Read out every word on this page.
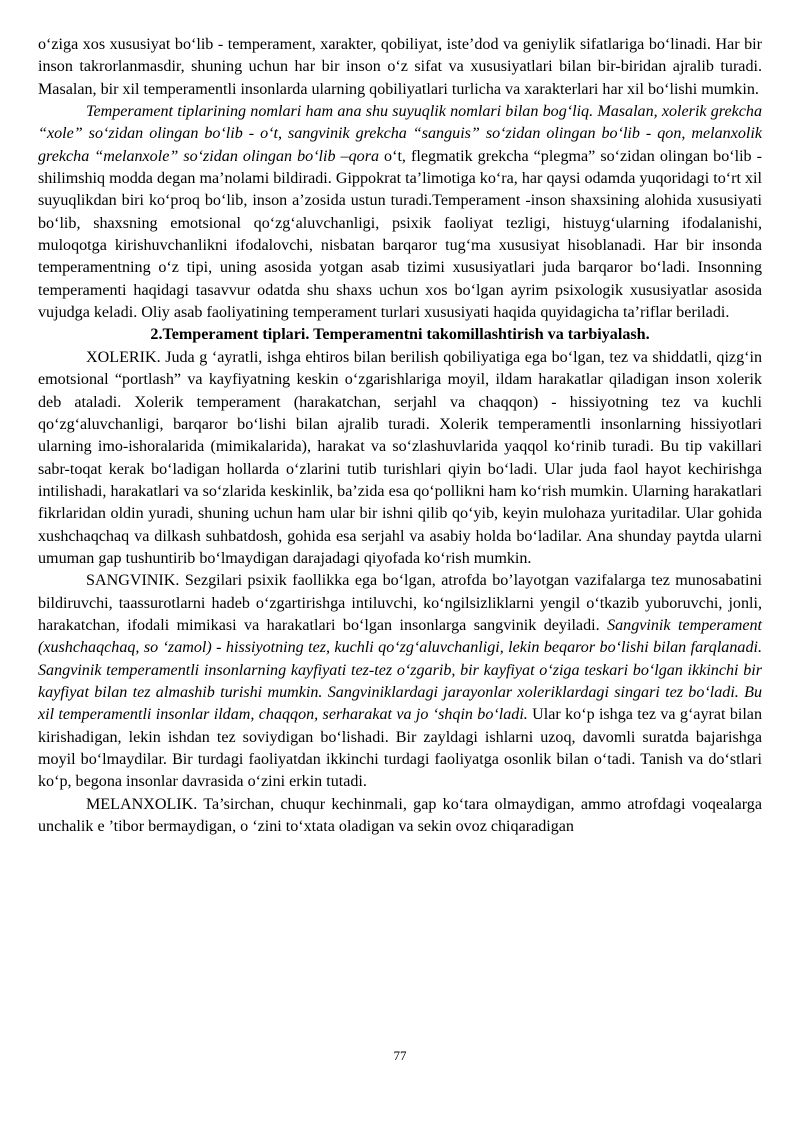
o‘ziga xos xususiyat bo‘lib - temperament, xarakter, qobiliyat, iste’dod va geniylik sifatlariga bo‘linadi. Har bir inson takrorlanmasdir, shuning uchun har bir inson o‘z sifat va xususiyatlari bilan bir-biridan ajralib turadi. Masalan, bir xil temperamentli insonlarda ularning qobiliyatlari turlicha va xarakterlari har xil bo‘lishi mumkin.

Temperament tiplarining nomlari ham ana shu suyuqlik nomlari bilan bog‘liq. Masalan, xolerik grekcha “xole” so‘zidan olingan bo‘lib - o‘t, sangvinik grekcha “sanguis” so‘zidan olingan bo‘lib - qon, melanxolik grekcha “melanxole” so‘zidan olingan bo‘lib –qora o‘t, flegmatik grekcha “plegma” so‘zidan olingan bo‘lib - shilimshiq modda degan ma’nolami bildiradi. Gippokrat ta’limotiga ko‘ra, har qaysi odamda yuqoridagi to‘rt xil suyuqlikdan biri ko‘proq bo‘lib, inson a’zosida ustun turadi.Temperament -inson shaxsining alohida xususiyati bo‘lib, shaxsning emotsional qo‘zg‘aluvchanligi, psixik faoliyat tezligi, histuyg‘ularning ifodalanishi, muloqotga kirishuvchanlikni ifodalovchi, nisbatan barqaror tug‘ma xususiyat hisoblanadi. Har bir insonda temperamentning o‘z tipi, uning asosida yotgan asab tizimi xususiyatlari juda barqaror bo‘ladi. Insonning temperamenti haqidagi tasavvur odatda shu shaxs uchun xos bo‘lgan ayrim psixologik xususiyatlar asosida vujudga keladi. Oliy asab faoliyatining temperament turlari xususiyati haqida quyidagicha ta’riflar beriladi.

2.Temperament tiplari. Temperamentni takomillashtirish va tarbiyalash.

XOLERIK. Juda g ‘ayratli, ishga ehtiros bilan berilish qobiliyatiga ega bo‘lgan, tez va shiddatli, qizg‘in emotsional “portlash” va kayfiyatning keskin o‘zgarishlariga moyil, ildam harakatlar qiladigan inson xolerik deb ataladi. Xolerik temperament (harakatchan, serjahl va chaqqon) - hissiyotning tez va kuchli qo‘zg‘aluvchanligi, barqaror bo‘lishi bilan ajralib turadi. Xolerik temperamentli insonlarning hissiyotlari ularning imo-ishoralarida (mimikalarida), harakat va so‘zlashuvlarida yaqqol ko‘rinib turadi. Bu tip vakillari sabr-toqat kerak bo‘ladigan hollarda o‘zlarini tutib turishlari qiyin bo‘ladi. Ular juda faol hayot kechirishga intilishadi, harakatlari va so‘zlarida keskinlik, ba’zida esa qo‘pollikni ham ko‘rish mumkin. Ularning harakatlari fikrlaridan oldin yuradi, shuning uchun ham ular bir ishni qilib qo‘yib, keyin mulohaza yuritadilar. Ular gohida xushchaqchaq va dilkash suhbatdosh, gohida esa serjahl va asabiy holda bo‘ladilar. Ana shunday paytda ularni umuman gap tushuntirib bo‘lmaydigan darajadagi qiyofada ko‘rish mumkin.

SANGVINIK. Sezgilari psixik faollikka ega bo‘lgan, atrofda bo’layotgan vazifalarga tez munosabatini bildiruvchi, taassurotlarni hadeb o‘zgartirishga intiluvchi, ko‘ngilsizliklarni yengil o‘tkazib yuboruvchi, jonli, harakatchan, ifodali mimikasi va harakatlari bo‘lgan insonlarga sangvinik deyiladi. Sangvinik temperament (xushchaqchaq, so ‘zamol) - hissiyotning tez, kuchli qo‘zg‘aluvchanligi, lekin beqaror bo‘lishi bilan farqlanadi. Sangvinik temperamentli insonlarning kayfiyati tez-tez o‘zgarib, bir kayfiyat o‘ziga teskari bo‘lgan ikkinchi bir kayfiyat bilan tez almashib turishi mumkin. Sangviniklardagi jarayonlar xoleriklardagi singari tez bo‘ladi. Bu xil temperamentli insonlar ildam, chaqqon, serharakat va jo ‘shqin bo‘ladi. Ular ko‘p ishga tez va g‘ayrat bilan kirishadigan, lekin ishdan tez soviydigan bo‘lishadi. Bir zayldagi ishlarni uzoq, davomli suratda bajarishga moyil bo‘lmaydilar. Bir turdagi faoliyatdan ikkinchi turdagi faoliyatga osonlik bilan o‘tadi. Tanish va do‘stlari ko‘p, begona insonlar davrasida o‘zini erkin tutadi.

MELANXOLIK. Ta’sirchan, chuqur kechinmali, gap ko‘tara olmaydigan, ammo atrofdagi voqealarga unchalik e ’tibor bermaydigan, o ‘zini to‘xtata oladigan va sekin ovoz chiqaradigan

77
